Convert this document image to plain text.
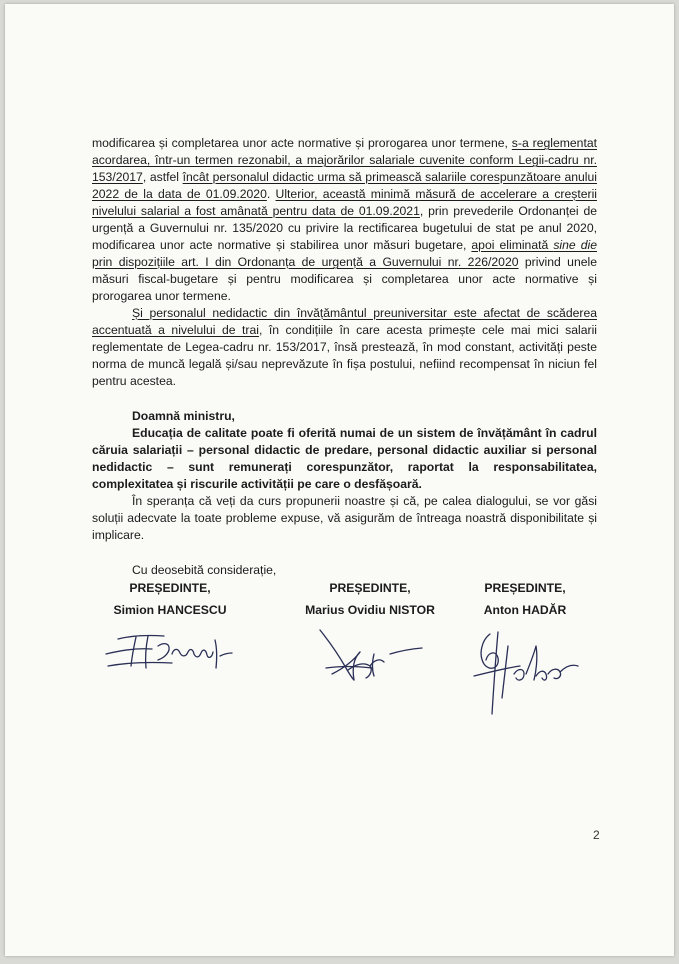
modificarea și completarea unor acte normative și prorogarea unor termene, s-a reglementat acordarea, într-un termen rezonabil, a majorărilor salariale cuvenite conform Legii-cadru nr. 153/2017, astfel încât personalul didactic urma să primească salariile corespunzătoare anului 2022 de la data de 01.09.2020. Ulterior, această minimă măsură de accelerare a creșterii nivelului salarial a fost amânată pentru data de 01.09.2021, prin prevederile Ordonanței de urgență a Guvernului nr. 135/2020 cu privire la rectificarea bugetului de stat pe anul 2020, modificarea unor acte normative și stabilirea unor măsuri bugetare, apoi eliminată sine die prin dispozițiile art. I din Ordonanța de urgență a Guvernului nr. 226/2020 privind unele măsuri fiscal-bugetare și pentru modificarea și completarea unor acte normative și prorogarea unor termene.

Și personalul nedidactic din învățământul preuniversitar este afectat de scăderea accentuată a nivelului de trai, în condițiile în care acesta primește cele mai mici salarii reglementate de Legea-cadru nr. 153/2017, însă prestează, în mod constant, activități peste norma de muncă legală și/sau neprevăzute în fișa postului, nefiind recompensat în niciun fel pentru acestea.

Doamnă ministru,

Educația de calitate poate fi oferită numai de un sistem de învățământ în cadrul căruia salariații – personal didactic de predare, personal didactic auxiliar si personal nedidactic – sunt remunerați corespunzător, raportat la responsabilitatea, complexitatea și riscurile activității pe care o desfășoară.

În speranța că veți da curs propunerii noastre și că, pe calea dialogului, se vor găsi soluții adecvate la toate probleme expuse, vă asigurăm de întreaga noastră disponibilitate și implicare.

Cu deosebită considerație,

PREȘEDINTE,
Simion HANCESCU
PREȘEDINTE,
Marius Ovidiu NISTOR
PREȘEDINTE,
Anton HADĂR
2
